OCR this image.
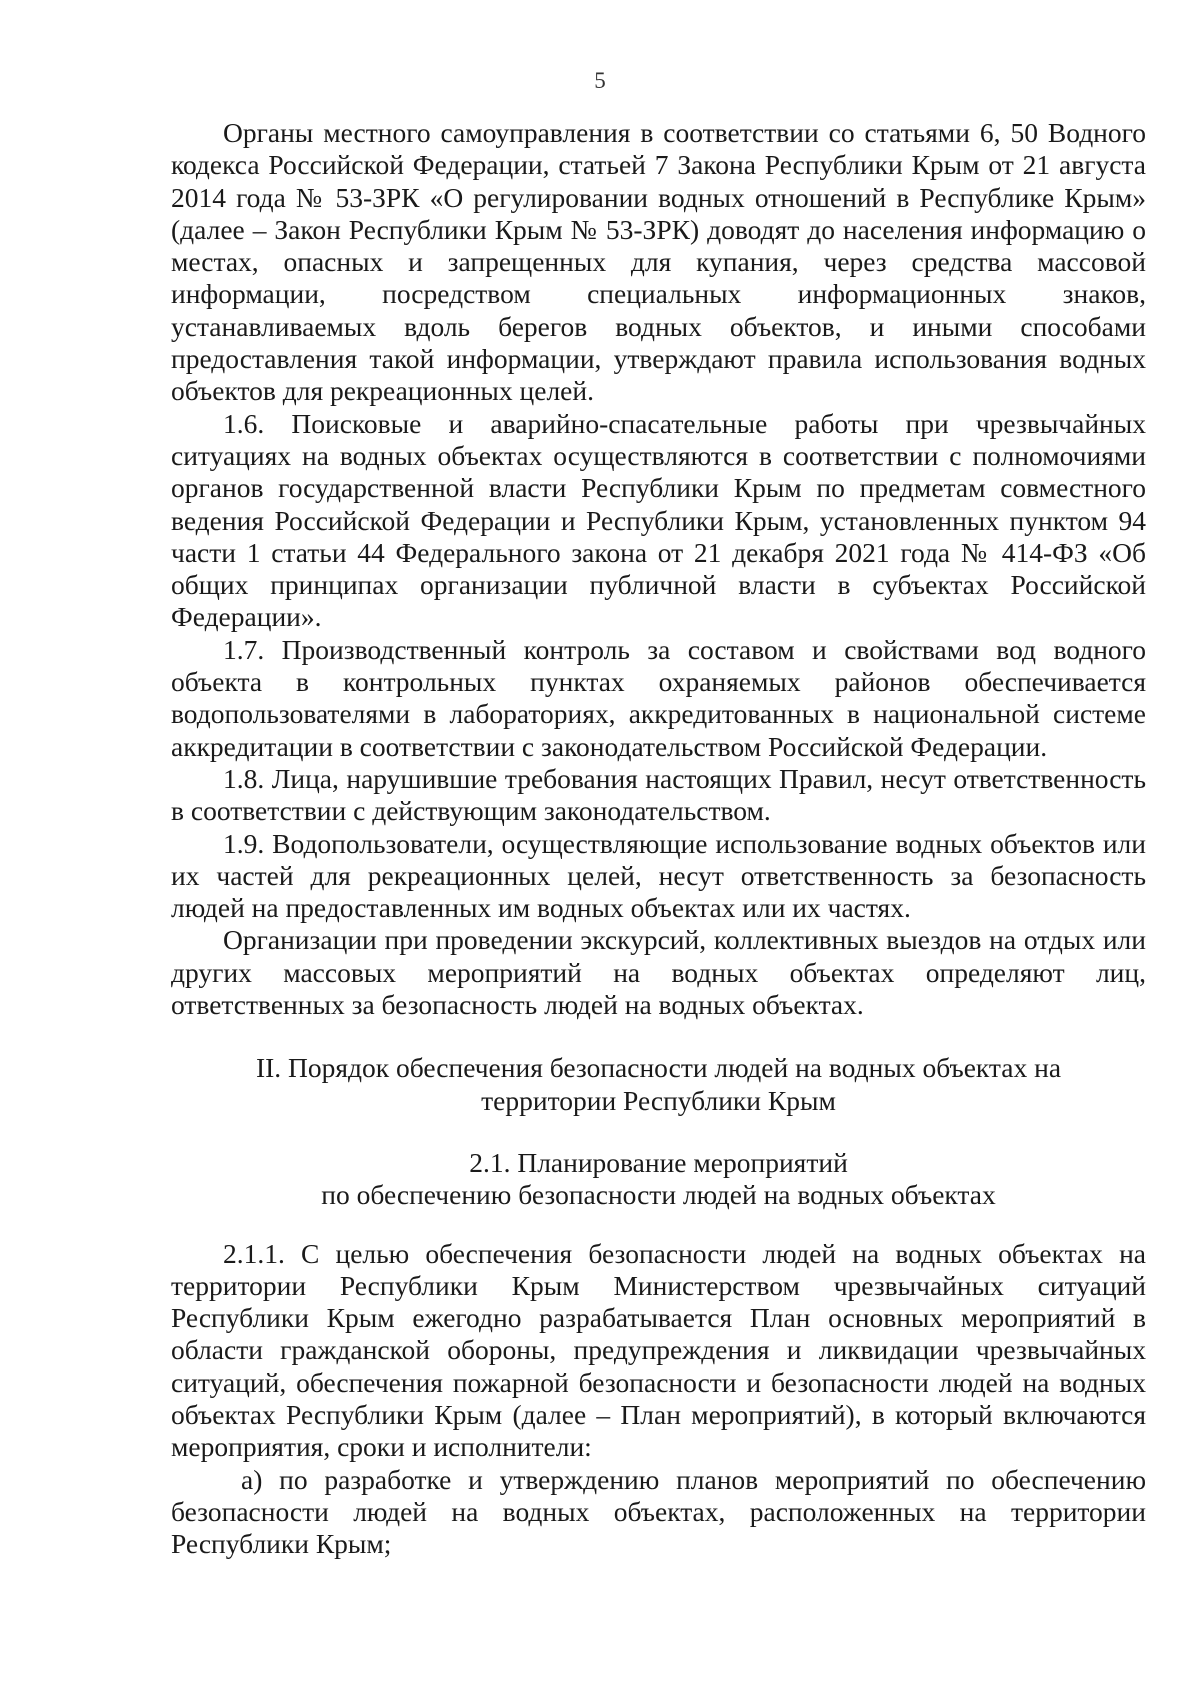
5

Органы местного самоуправления в соответствии со статьями 6, 50 Водного кодекса Российской Федерации, статьей 7 Закона Республики Крым от 21 августа 2014 года № 53-ЗРК «О регулировании водных отношений в Республике Крым» (далее – Закон Республики Крым № 53-ЗРК) доводят до населения информацию о местах, опасных и запрещенных для купания, через средства массовой информации, посредством специальных информационных знаков, устанавливаемых вдоль берегов водных объектов, и иными способами предоставления такой информации, утверждают правила использования водных объектов для рекреационных целей.

1.6. Поисковые и аварийно-спасательные работы при чрезвычайных ситуациях на водных объектах осуществляются в соответствии с полномочиями органов государственной власти Республики Крым по предметам совместного ведения Российской Федерации и Республики Крым, установленных пунктом 94 части 1 статьи 44 Федерального закона от 21 декабря 2021 года № 414-ФЗ «Об общих принципах организации публичной власти в субъектах Российской Федерации».

1.7. Производственный контроль за составом и свойствами вод водного объекта в контрольных пунктах охраняемых районов обеспечивается водопользователями в лабораториях, аккредитованных в национальной системе аккредитации в соответствии с законодательством Российской Федерации.

1.8. Лица, нарушившие требования настоящих Правил, несут ответственность в соответствии с действующим законодательством.

1.9. Водопользователи, осуществляющие использование водных объектов или их частей для рекреационных целей, несут ответственность за безопасность людей на предоставленных им водных объектах или их частях.

Организации при проведении экскурсий, коллективных выездов на отдых или других массовых мероприятий на водных объектах определяют лиц, ответственных за безопасность людей на водных объектах.

II. Порядок обеспечения безопасности людей на водных объектах на
территории Республики Крым

2.1. Планирование мероприятий
по обеспечению безопасности людей на водных объектах

2.1.1. С целью обеспечения безопасности людей на водных объектах на территории Республики Крым Министерством чрезвычайных ситуаций Республики Крым ежегодно разрабатывается План основных мероприятий в области гражданской обороны, предупреждения и ликвидации чрезвычайных ситуаций, обеспечения пожарной безопасности и безопасности людей на водных объектах Республики Крым (далее – План мероприятий), в который включаются мероприятия, сроки и исполнители:

а) по разработке и утверждению планов мероприятий по обеспечению безопасности людей на водных объектах, расположенных на территории Республики Крым;
